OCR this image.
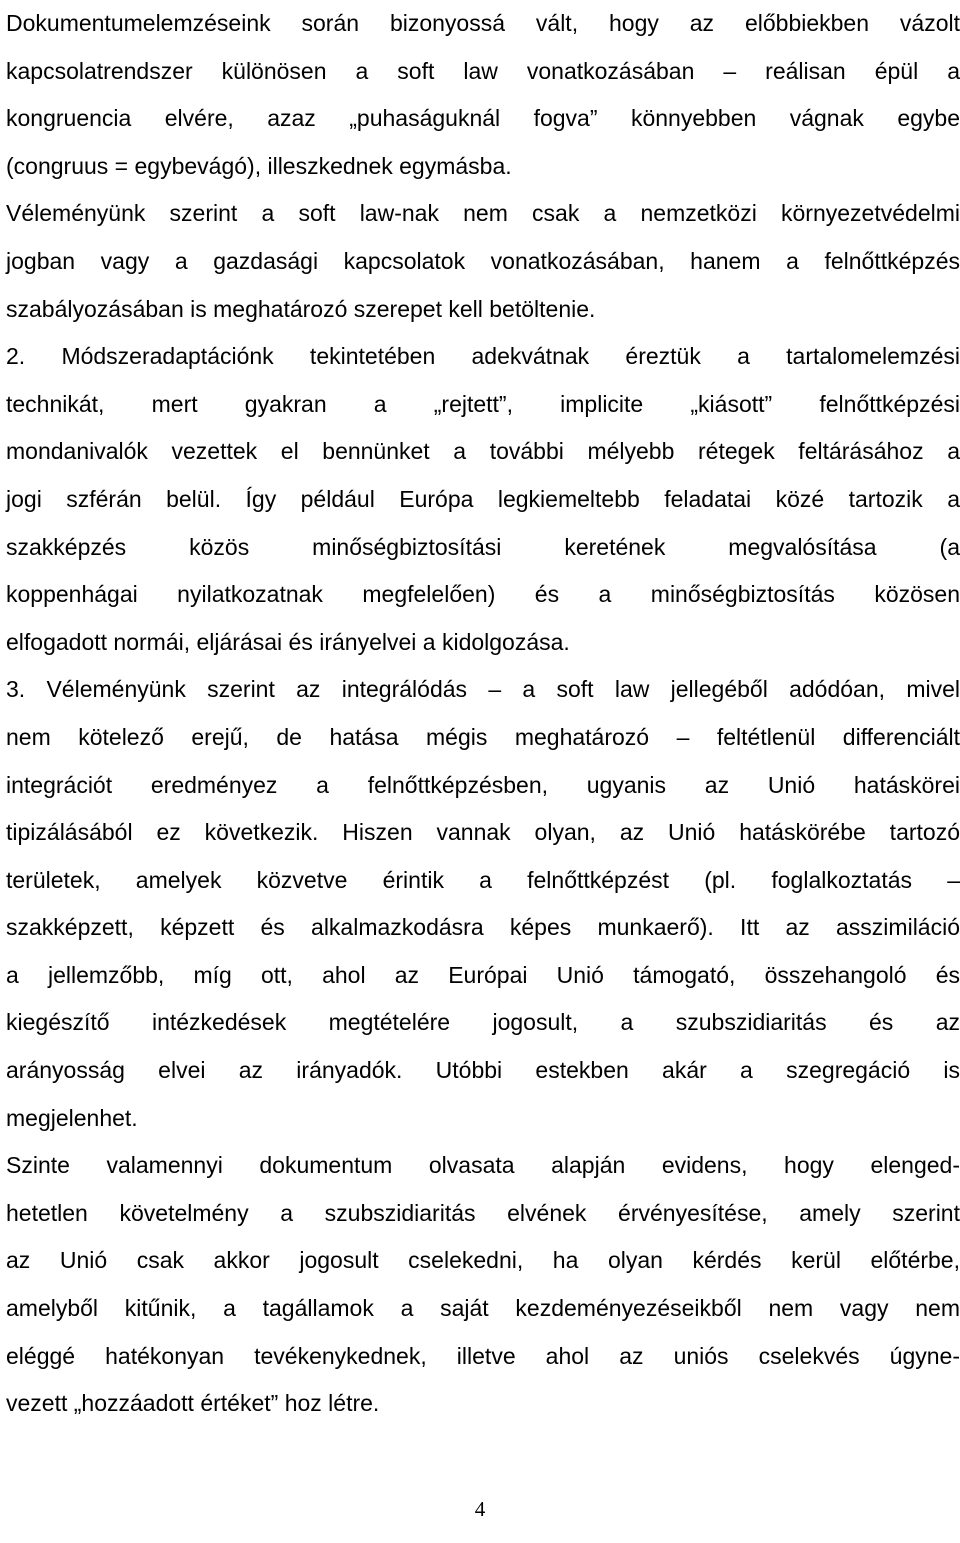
Dokumentumelemzéseink során bizonyossá vált, hogy az előbbiekben vázolt
kapcsolatrendszer különösen a soft law vonatkozásában – reálisan épül a
kongruencia elvére, azaz „puhaságuknál fogva” könnyebben vágnak egybe
(congruus = egybevágó), illeszkednek egymásba.
Véleményünk szerint a soft law-nak nem csak a nemzetközi környezetvédelmi
jogban vagy a gazdasági kapcsolatok vonatkozásában, hanem a felnőttképzés
szabályozásában is meghatározó szerepet kell betöltenie.
2. Módszeradaptációnk tekintetében adekvátnak éreztük a tartalomelemzési
technikát, mert gyakran a „rejtett”, implicite „kiásott” felnőttképzési
mondanivalók vezettek el bennünket a további mélyebb rétegek feltárásához a
jogi szférán belül. Így például Európa legkiemeltebb feladatai közé tartozik a
szakképzés közös minőségbiztosítási keretének megvalósítása (a
koppenhágai nyilatkozatnak megfelelően) és a minőségbiztosítás közösen
elfogadott normái, eljárásai és irányelvei a kidolgozása.
3. Véleményünk szerint az integrálódás – a soft law jellegéből adódóan, mivel
nem kötelező erejű, de hatása mégis meghatározó – feltétlenül differenciált
integrációt eredményez a felnőttképzésben, ugyanis az Unió hatáskörei
tipizálásából ez következik. Hiszen vannak olyan, az Unió hatáskörébe tartozó
területek, amelyek közvetve érintik a felnőttképzést (pl. foglalkoztatás –
szakképzett, képzett és alkalmazkodásra képes munkaerő). Itt az asszimiláció
a jellemzőbb, míg ott, ahol az Európai Unió támogató, összehangoló és
kiegészítő intézkedések megtételére jogosult, a szubszidiaritás és az
arányosság elvei az irányadók. Utóbbi estekben akár a szegregáció is
megjelenhet.
Szinte valamennyi dokumentum olvasata alapján evidens, hogy elenged-
hetetlen követelmény a szubszidiaritás elvének érvényesítése, amely szerint
az Unió csak akkor jogosult cselekedni, ha olyan kérdés kerül előtérbe,
amelyből kitűnik, a tagállamok a saját kezdeményezéseikből nem vagy nem
eléggé hatékonyan tevékenykednek, illetve ahol az uniós cselekvés úgyne-
vezett „hozzáadott értéket” hoz létre.
4
